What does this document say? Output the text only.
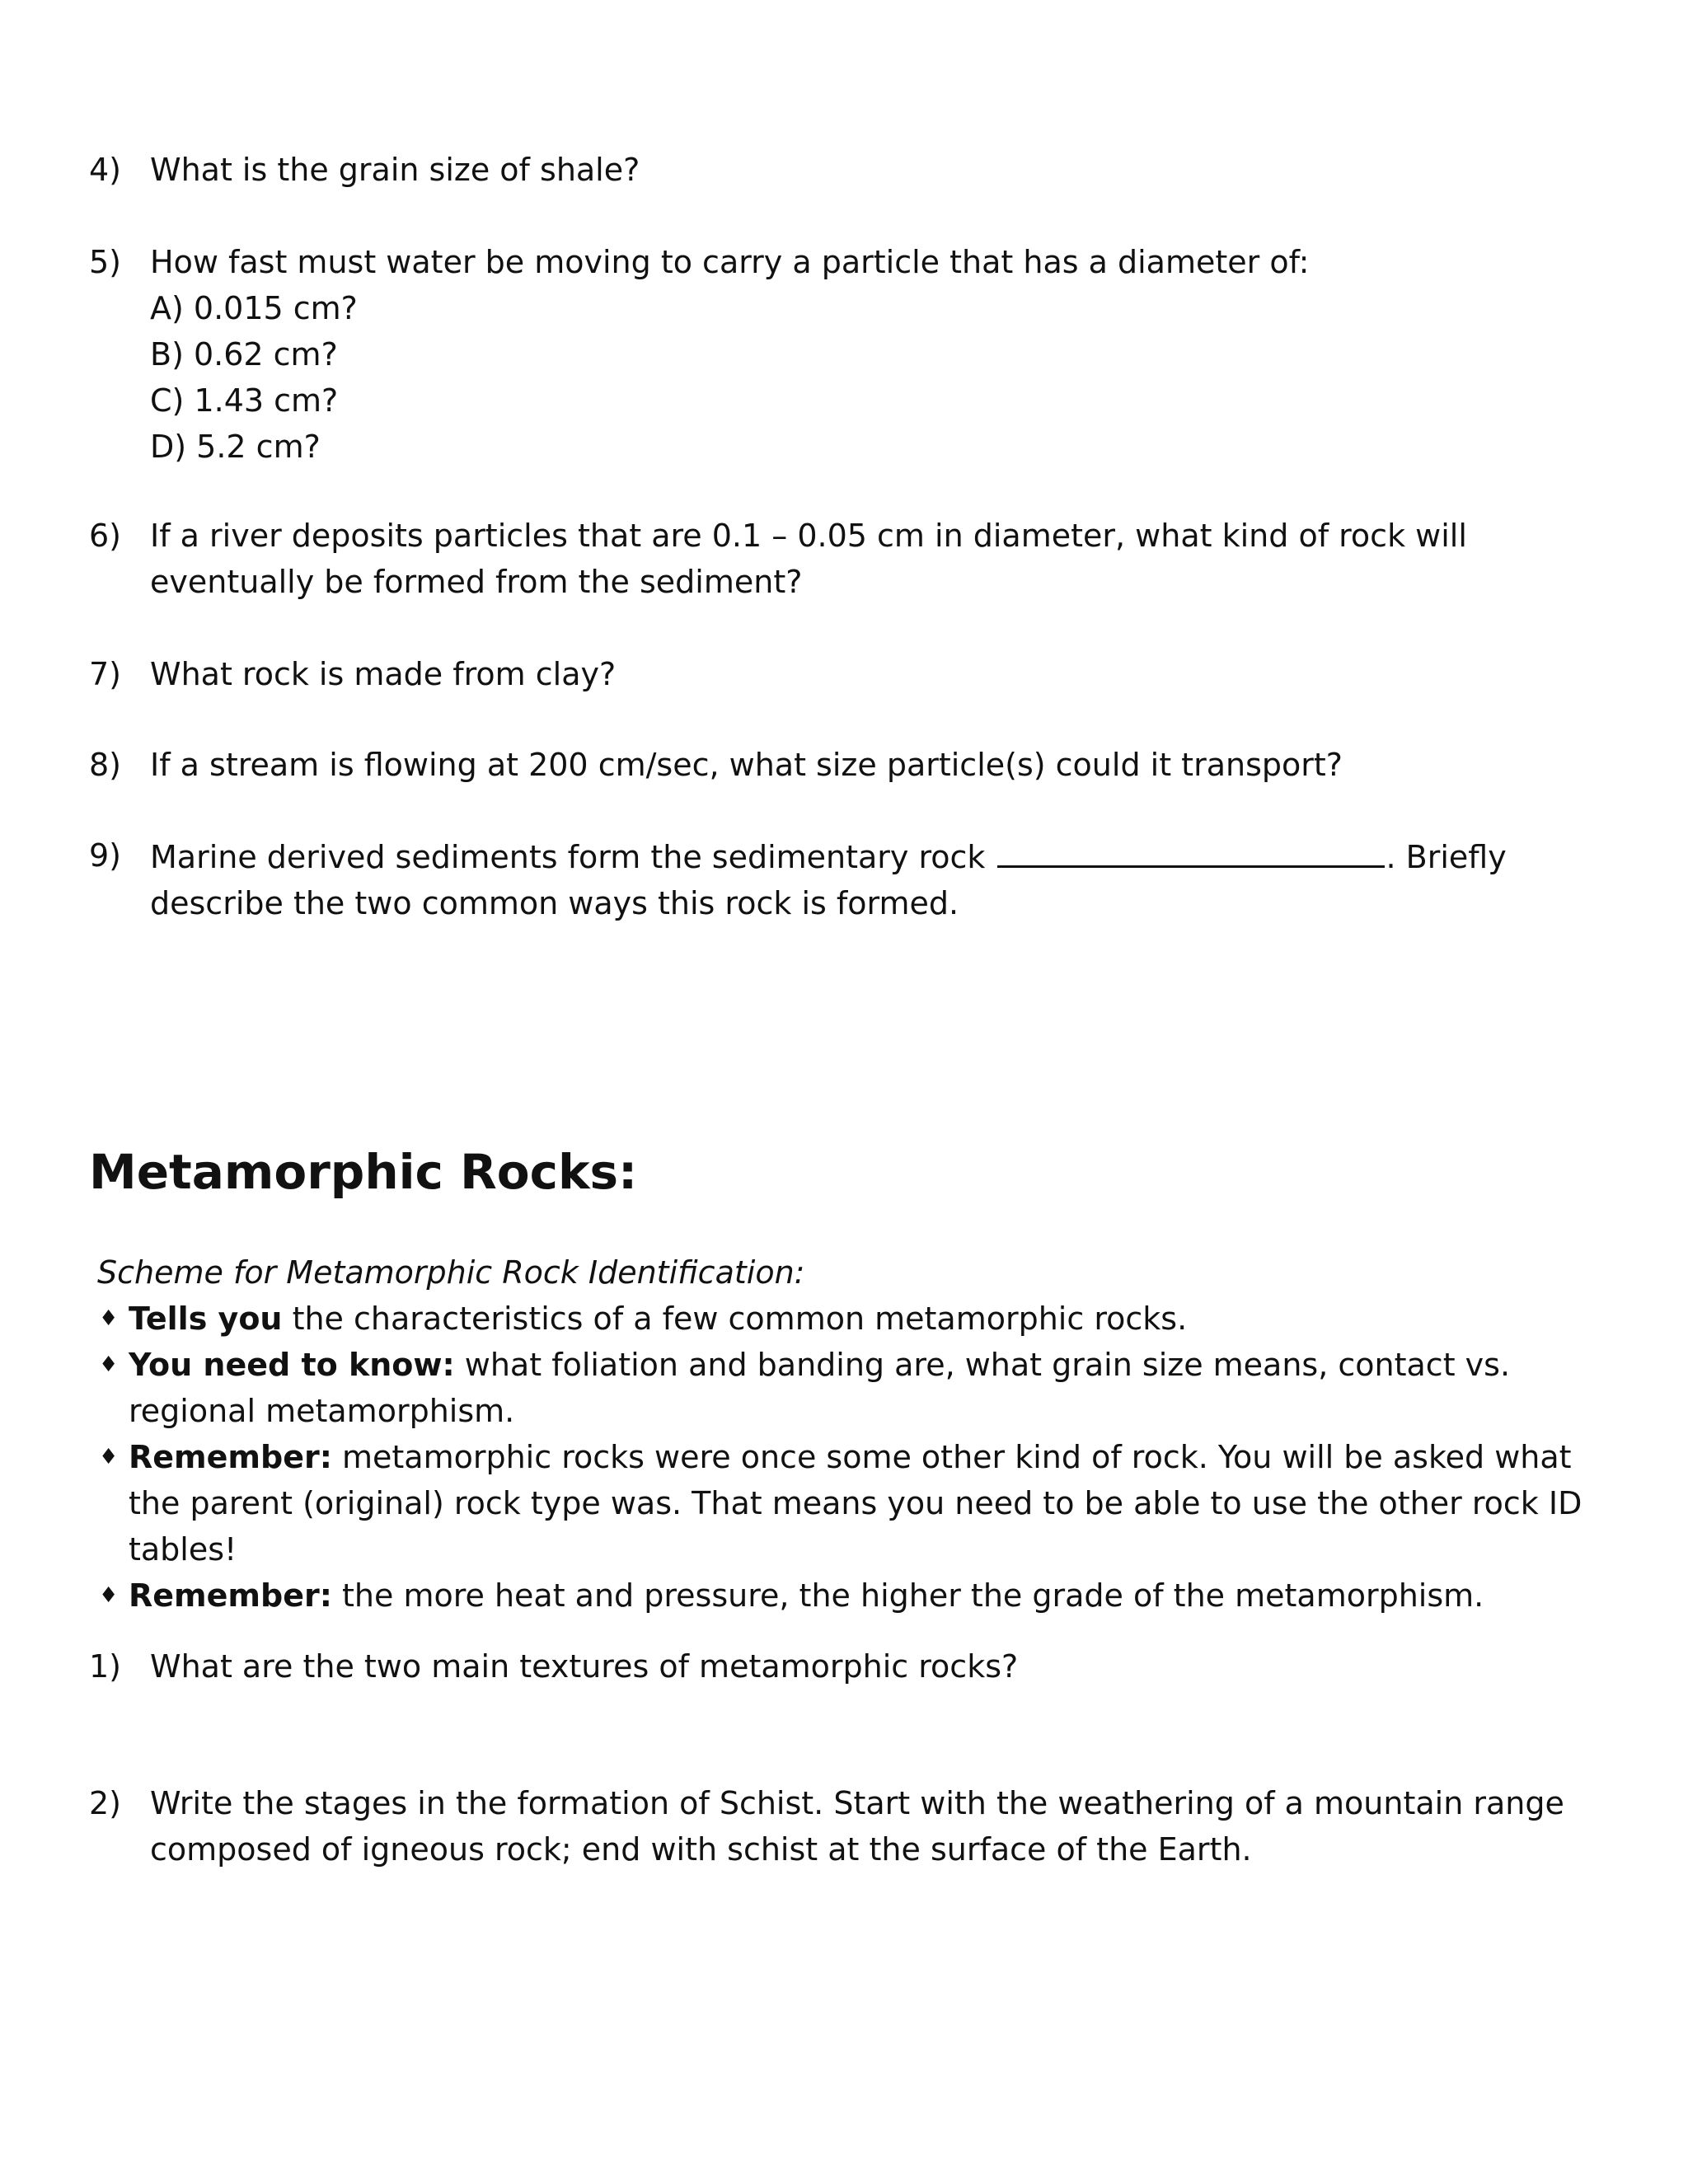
4) What is the grain size of shale?
5) How fast must water be moving to carry a particle that has a diameter of:
A) 0.015 cm?
B) 0.62 cm?
C) 1.43 cm?
D) 5.2 cm?
6) If a river deposits particles that are 0.1 – 0.05 cm in diameter, what kind of rock will eventually be formed from the sediment?
7) What rock is made from clay?
8) If a stream is flowing at 200 cm/sec, what size particle(s) could it transport?
9) Marine derived sediments form the sedimentary rock	. Briefly describe the two common ways this rock is formed.
Metamorphic Rocks:
Scheme for Metamorphic Rock Identification:
♦ Tells you the characteristics of a few common metamorphic rocks.
♦ You need to know: what foliation and banding are, what grain size means, contact vs. regional metamorphism.
♦ Remember: metamorphic rocks were once some other kind of rock. You will be asked what the parent (original) rock type was. That means you need to be able to use the other rock ID tables!
♦ Remember: the more heat and pressure, the higher the grade of the metamorphism.
1) What are the two main textures of metamorphic rocks?
2) Write the stages in the formation of Schist. Start with the weathering of a mountain range composed of igneous rock; end with schist at the surface of the Earth.
